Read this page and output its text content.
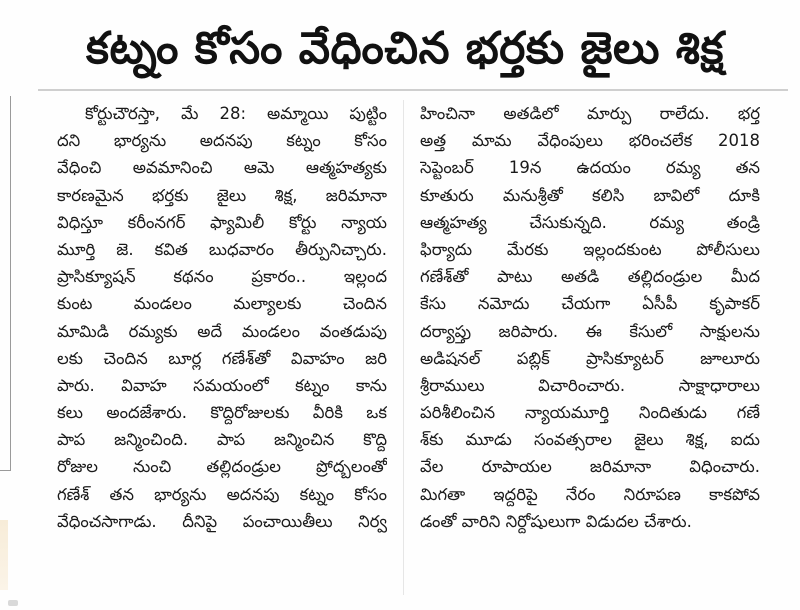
కట్నం కోసం వేధించిన భర్తకు జైలు శిక్ష
కోర్టుచౌరస్తా, మే 28: అమ్మాయి పుట్టిం
దని భార్యను అదనపు కట్నం కోసం
వేధించి అవమానించి ఆమె ఆత్మహత్యకు
కారణమైన భర్తకు జైలు శిక్ష, జరిమానా
విధిస్తూ కరీంనగర్ ఫ్యామిలీ కోర్టు న్యాయ
మూర్తి జె. కవిత బుధవారం తీర్పునిచ్చారు.
ప్రాసిక్యూషన్ కథనం ప్రకారం.. ఇల్లంద
కుంట మండలం మల్యాలకు చెందిన
మామిడి రమ్యకు అదే మండలం వంతడుపు
లకు చెందిన బూర్ల గణేశ్‌తో వివాహం జరి
పారు. వివాహ సమయంలో కట్నం కాను
కలు అందజేశారు. కొద్దిరోజులకు వీరికి ఒక
పాప జన్మించింది. పాప జన్మించిన కొద్ది
రోజుల నుంచి తల్లిదండ్రుల ప్రోద్బలంతో
గణేశ్ తన భార్యను అదనపు కట్నం కోసం
వేధించసాగాడు. దీనిపై పంచాయితీలు నిర్వ
హించినా అతడిలో మార్పు రాలేదు. భర్త
అత్త మామ వేధింపులు భరించలేక 2018
సెప్టెంబర్ 19న ఉదయం రమ్య తన
కూతురు మనుశ్రీతో కలిసి బావిలో దూకి
ఆత్మహత్య చేసుకున్నది. రమ్య తండ్రి
ఫిర్యాదు మేరకు ఇల్లందకుంట పోలీసులు
గణేశ్‌తో పాటు అతడి తల్లిదండ్రుల మీద
కేసు నమోదు చేయగా ఏసీపీ కృపాకర్
దర్యాప్తు జరిపారు. ఈ కేసులో సాక్షులను
అడిషనల్ పబ్లిక్ ప్రాసిక్యూటర్ జూలూరు
శ్రీరాములు విచారించారు. సాక్షాధారాలు
పరిశీలించిన న్యాయమూర్తి నిందితుడు గణే
శ్‌కు మూడు సంవత్సరాల జైలు శిక్ష, ఐదు
వేల రూపాయల జరిమానా విధించారు.
మిగతా ఇద్దరిపై నేరం నిరూపణ కాకపోవ
డంతో వారిని నిర్దోషులుగా విడుదల చేశారు.
